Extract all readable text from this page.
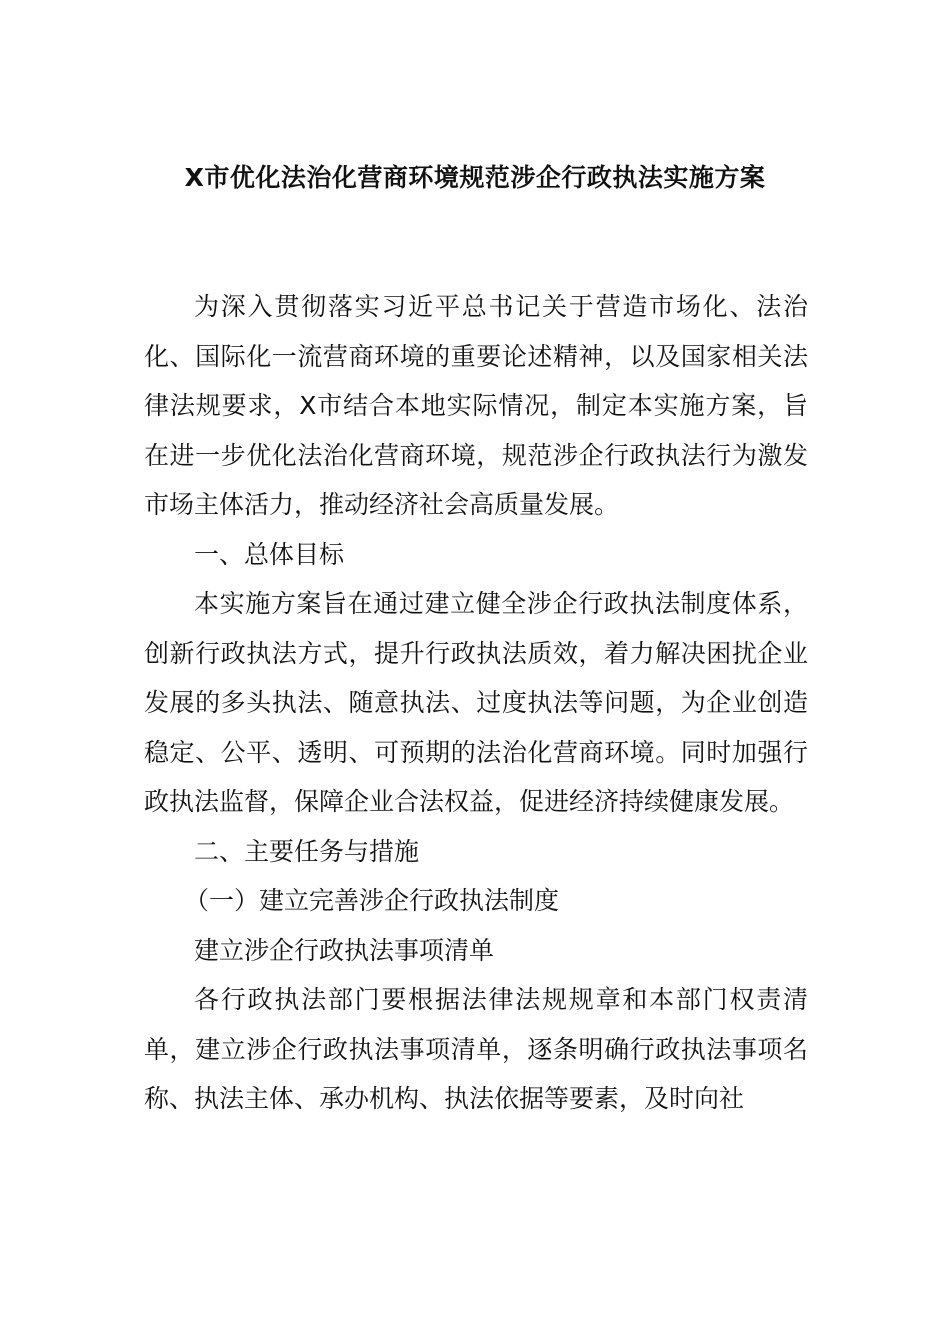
X市优化法治化营商环境规范涉企行政执法实施方案

为深入贯彻落实习近平总书记关于营造市场化、法治化、国际化一流营商环境的重要论述精神，以及国家相关法律法规要求，X市结合本地实际情况，制定本实施方案，旨在进一步优化法治化营商环境，规范涉企行政执法行为激发市场主体活力，推动经济社会高质量发展。

一、总体目标

本实施方案旨在通过建立健全涉企行政执法制度体系，创新行政执法方式，提升行政执法质效，着力解决困扰企业发展的多头执法、随意执法、过度执法等问题，为企业创造稳定、公平、透明、可预期的法治化营商环境。同时加强行政执法监督，保障企业合法权益，促进经济持续健康发展。

二、主要任务与措施

（一）建立完善涉企行政执法制度

建立涉企行政执法事项清单

各行政执法部门要根据法律法规规章和本部门权责清单，建立涉企行政执法事项清单，逐条明确行政执法事项名称、执法主体、承办机构、执法依据等要素，及时向社
